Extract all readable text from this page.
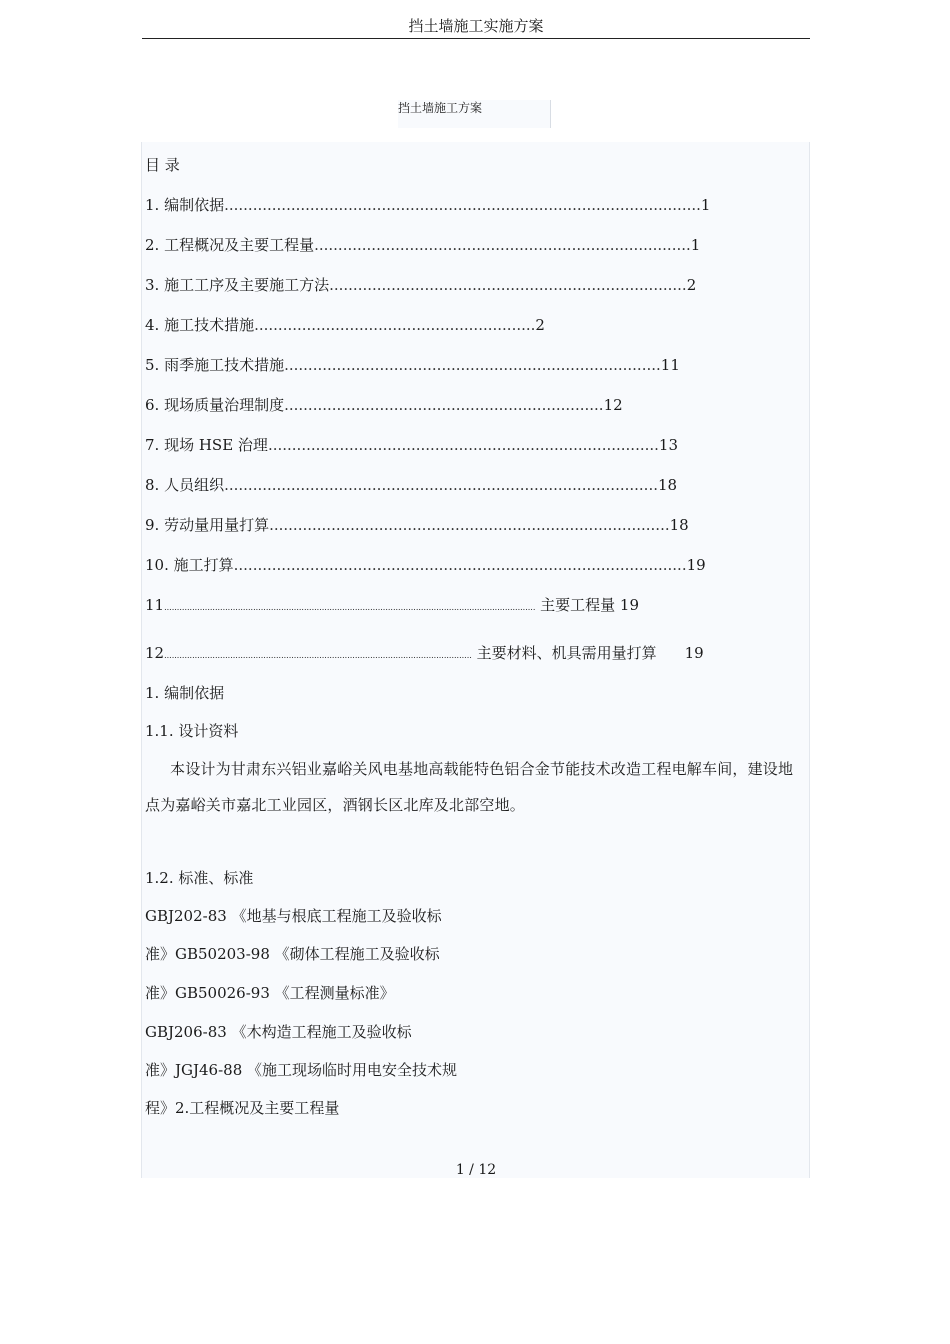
挡土墙施工实施方案
挡土墙施工方案
目 录
1. 编制依据 .................................................................................................... 1
2. 工程概况及主要工程量 ............................................................................... 1
3. 施工工序及主要施工方法 ........................................................................... 2
4. 施工技术措施 ........................................................... 2
5. 雨季施工技术措施 ............................................................................... 11
6. 现场质量治理制度 ................................................................... 12
7. 现场 HSE 治理 .................................................................................. 13
8. 人员组织 ........................................................................................... 18
9. 劳动量用量打算 .................................................................................... 18
10. 施工打算 ............................................................................................... 19
11.................................................................................................................................................. 主要工程量 19
12......................................................................................................................... 主要材料、机具需用量打算 19
1. 编制依据
1.1. 设计资料
本设计为甘肃东兴铝业嘉峪关风电基地高载能特色铝合金节能技术改造工程电解车间，建设地点为嘉峪关市嘉北工业园区，酒钢长区北库及北部空地。
1.2. 标准、标准
GBJ202-83 《地基与根底工程施工及验收标
准》GB50203-98 《砌体工程施工及验收标
准》GB50026-93 《工程测量标准》
GBJ206-83 《木构造工程施工及验收标
准》JGJ46-88 《施工现场临时用电安全技术规
程》2.工程概况及主要工程量
1 / 12
